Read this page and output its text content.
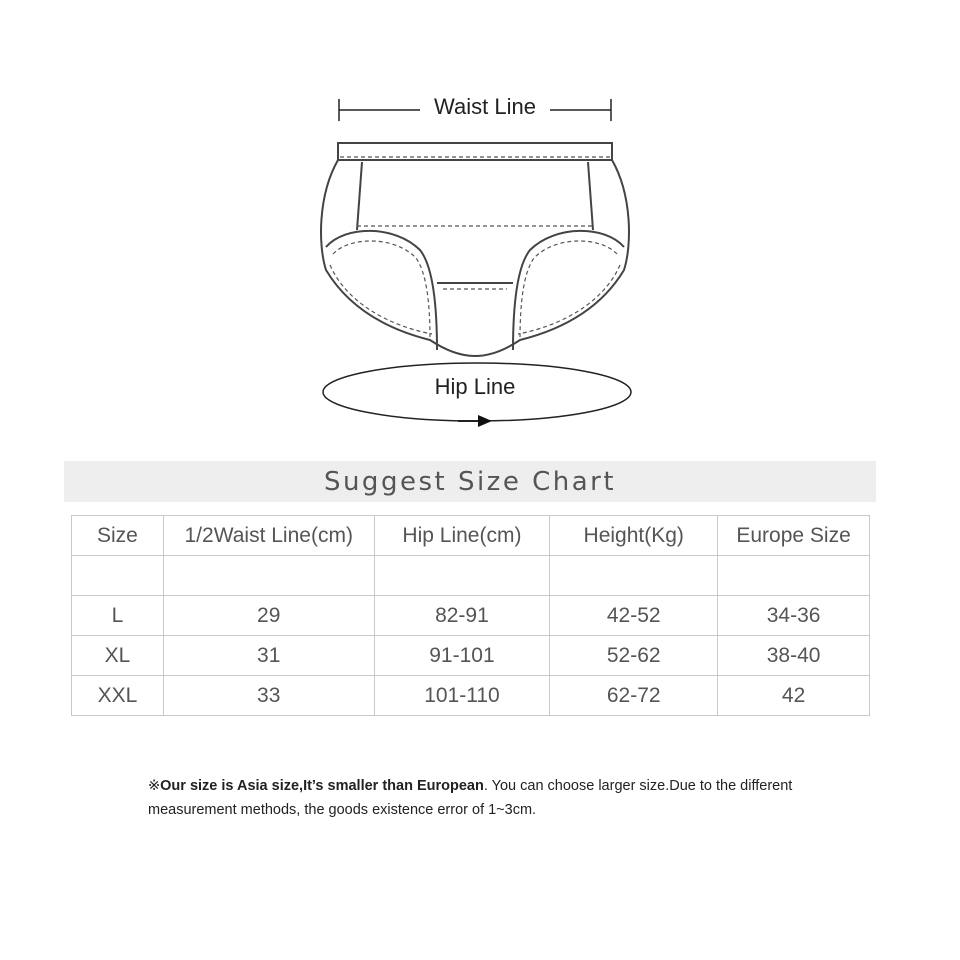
Waist Line
Hip Line
Suggest Size Chart
Size	1/2Waist Line(cm)	Hip Line(cm)	Height(Kg)	Europe Size

L	29	82-91	42-52	34-36
XL	31	91-101	52-62	38-40
XXL	33	101-110	62-72	42
※Our size is Asia size,It’s smaller than European. You can choose larger size.Due to the different measurement methods, the goods existence error of 1~3cm.
